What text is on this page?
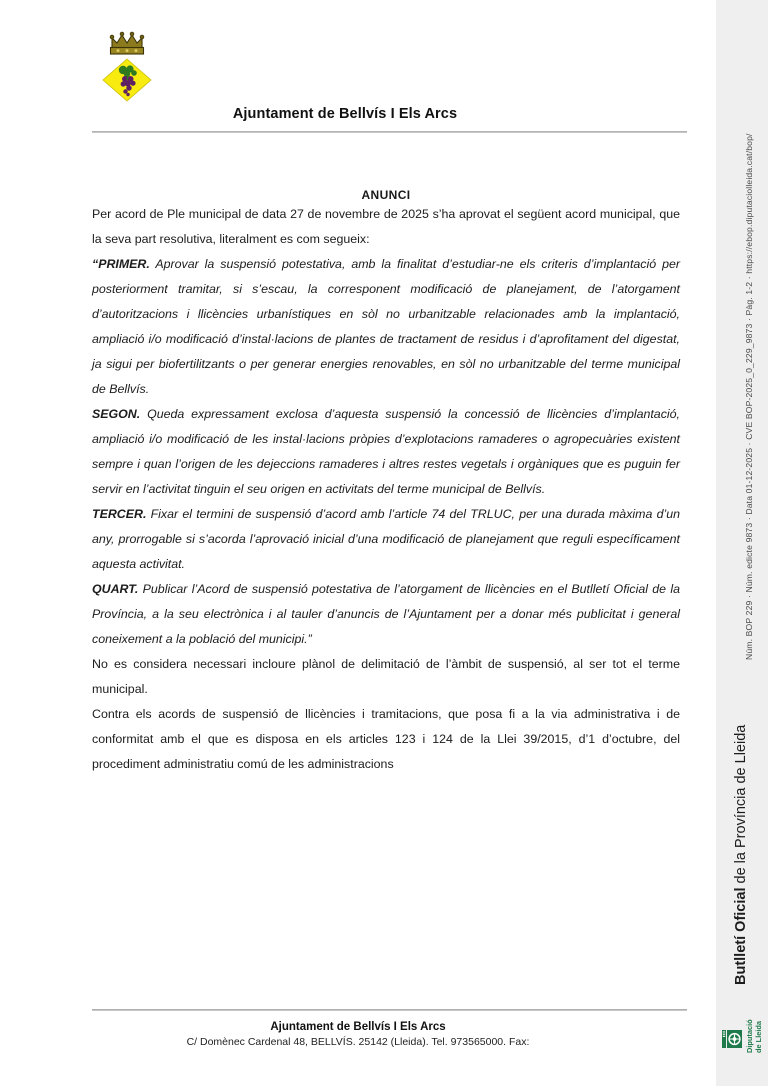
Ajuntament de Bellvís I Els Arcs
ANUNCI

Per acord de Ple municipal de data 27 de novembre de 2025 s’ha aprovat el següent acord municipal, que la seva part resolutiva, literalment es com segueix:

“PRIMER. Aprovar la suspensió potestativa, amb la finalitat d’estudiar-ne els criteris d’implantació per posteriorment tramitar, si s’escau, la corresponent modificació de planejament, de l’atorgament d’autoritzacions i llicències urbanístiques en sòl no urbanitzable relacionades amb la implantació, ampliació i/o modificació d’instal·lacions de plantes de tractament de residus i d’aprofitament del digestat, ja sigui per biofertilitzants o per generar energies renovables, en sòl no urbanitzable del terme municipal de Bellvís.

SEGON. Queda expressament exclosa d’aquesta suspensió la concessió de llicències d’implantació, ampliació i/o modificació de les instal·lacions pròpies d’explotacions ramaderes o agropecuàries existent sempre i quan l’origen de les dejeccions ramaderes i altres restes vegetals i orgàniques que es puguin fer servir en l’activitat tinguin el seu origen en activitats del terme municipal de Bellvís.

TERCER. Fixar el termini de suspensió d’acord amb l’article 74 del TRLUC, per una durada màxima d’un any, prorrogable si s’acorda l’aprovació inicial d’una modificació de planejament que reguli específicament aquesta activitat.

QUART. Publicar l’Acord de suspensió potestativa de l’atorgament de llicències en el Butlletí Oficial de la Província, a la seu electrònica i al tauler d’anuncis de l’Ajuntament per a donar més publicitat i general coneixement a la població del municipi.”

No es considera necessari incloure plànol de delimitació de l’àmbit de suspensió, al ser tot el terme municipal.

Contra els acords de suspensió de llicències i tramitacions, que posa fi a la via administrativa i de conformitat amb el que es disposa en els articles 123 i 124 de la Llei 39/2015, d’1 d’octubre, del procediment administratiu comú de les administracions

Ajuntament de Bellvís I Els Arcs
C/ Domènec Cardenal 48, BELLVÍS. 25142 (Lleida). Tel. 973565000. Fax:
Núm. BOP 229 · Núm. edicte 9873 · Data 01-12-2025 · CVE BOP-2025_0_229_9873 · Pàg. 1-2 · https://ebop.diputaciolleida.cat/bop/
Butlletí Oficial de la Província de Lleida
Diputació
de Lleida
